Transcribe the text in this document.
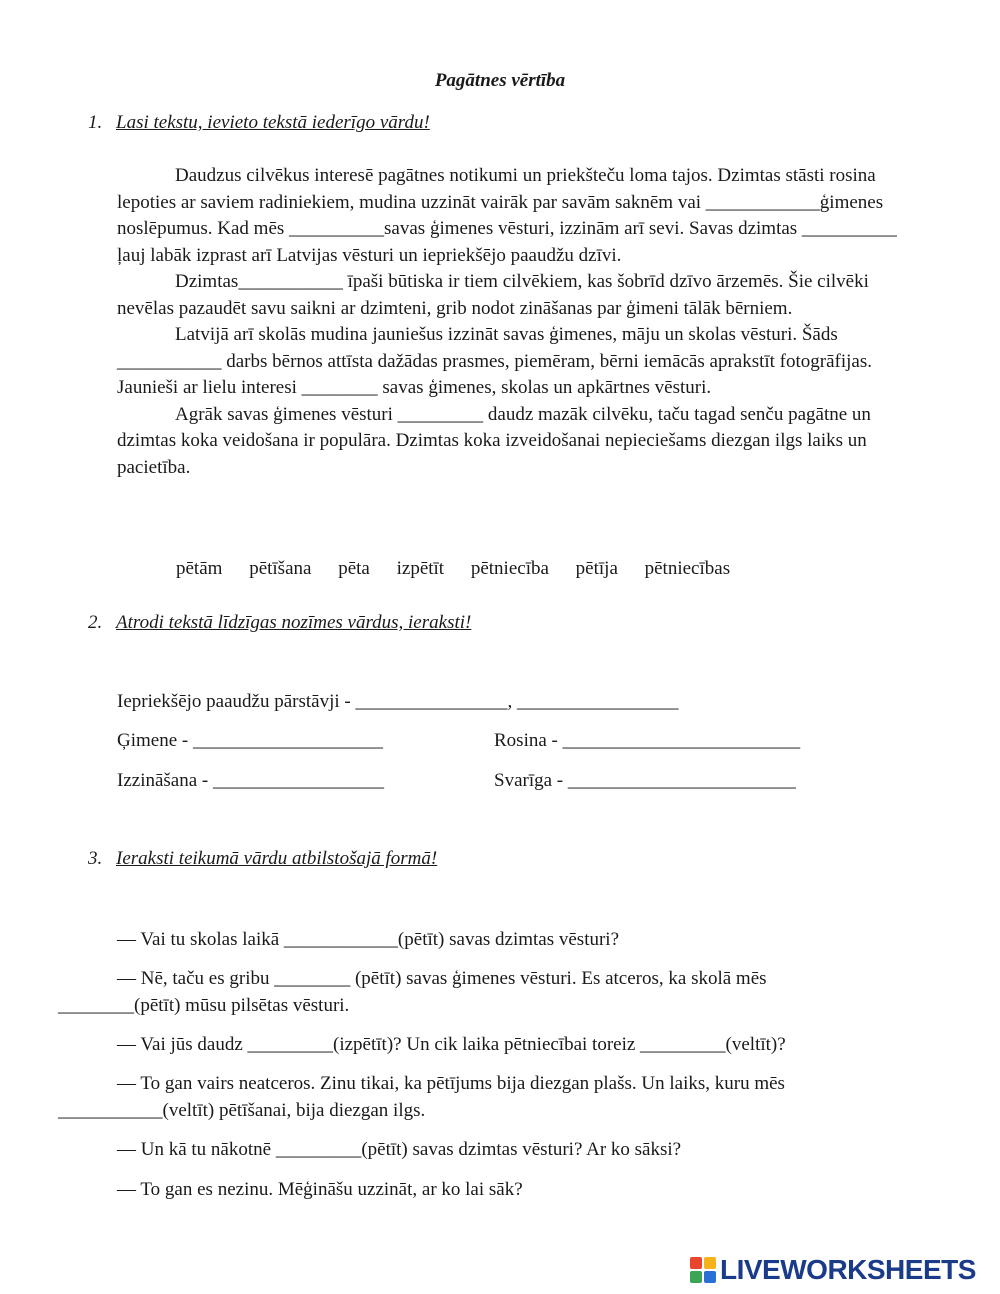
Pagātnes vērtība
1. Lasi tekstu, ievieto tekstā iederīgo vārdu!

Daudzus cilvēkus interesē pagātnes notikumi un priekšteču loma tajos. Dzimtas stāsti rosina lepoties ar saviem radiniekiem, mudina uzzināt vairāk par savām saknēm vai ____________ģimenes noslēpumus. Kad mēs __________savas ģimenes vēsturi, izzinām arī sevi. Savas dzimtas __________ ļauj labāk izprast arī Latvijas vēsturi un iepriekšējo paaudžu dzīvi.

Dzimtas___________ īpaši būtiska ir tiem cilvēkiem, kas šobrīd dzīvo ārzemēs. Šie cilvēki nevēlas pazaudēt savu saikni ar dzimteni, grib nodot zināšanas par ģimeni tālāk bērniem.

Latvijā arī skolās mudina jauniešus izzināt savas ģimenes, māju un skolas vēsturi. Šāds ___________ darbs bērnos attīsta dažādas prasmes, piemēram, bērni iemācās aprakstīt fotogrāfijas. Jaunieši ar lielu interesi ________ savas ģimenes, skolas un apkārtnes vēsturi.

Agrāk savas ģimenes vēsturi _________ daudz mazāk cilvēku, taču tagad senču pagātne un dzimtas koka veidošana ir populāra. Dzimtas koka izveidošanai nepieciešams diezgan ilgs laiks un pacietība.

pētām pētīšana pēta izpētīt pētniecība pētīja pētniecības
2. Atrodi tekstā līdzīgas nozīmes vārdus, ieraksti!
Iepriekšējo paaudžu pārstāvji - ________________, _________________
Ģimene - ____________________	Rosina - _________________________
Izzināšana - __________________	Svarīga - ________________________
3. Ieraksti teikumā vārdu atbilstošajā formā!
— Vai tu skolas laikā ____________(pētīt) savas dzimtas vēsturi?
— Nē, taču es gribu ________ (pētīt) savas ģimenes vēsturi. Es atceros, ka skolā mēs ________(pētīt) mūsu pilsētas vēsturi.
— Vai jūs daudz _________(izpētīt)? Un cik laika pētniecībai toreiz _________(veltīt)?
— To gan vairs neatceros. Zinu tikai, ka pētījums bija diezgan plašs. Un laiks, kuru mēs ___________(veltīt) pētīšanai, bija diezgan ilgs.
— Un kā tu nākotnē _________(pētīt) savas dzimtas vēsturi? Ar ko sāksi?
— To gan es nezinu. Mēģināšu uzzināt, ar ko lai sāk?
LIVEWORKSHEETS
